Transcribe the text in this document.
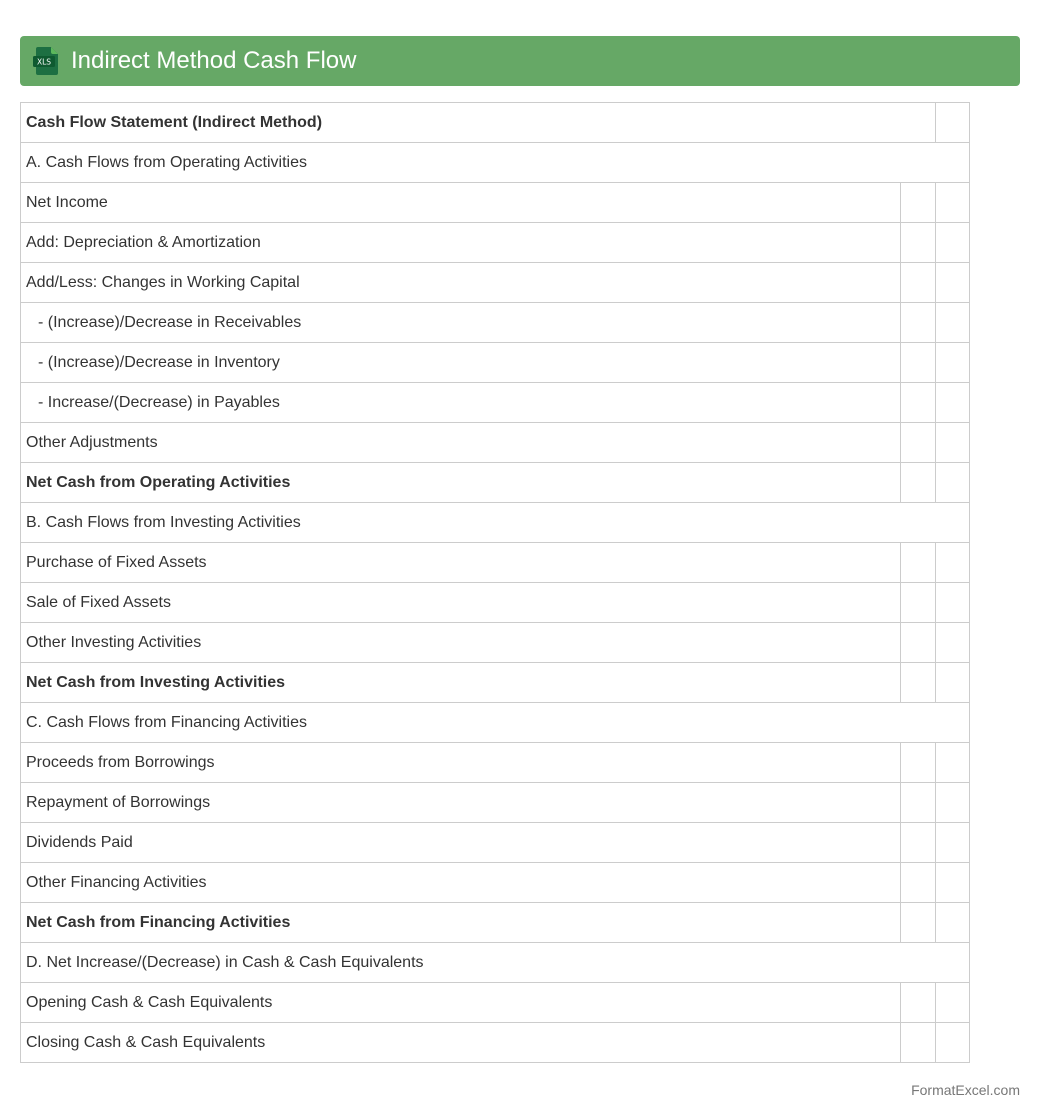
XLS Indirect Method Cash Flow
Cash Flow Statement (Indirect Method)
A. Cash Flows from Operating Activities
Net Income
Add: Depreciation & Amortization
Add/Less: Changes in Working Capital
- (Increase)/Decrease in Receivables
- (Increase)/Decrease in Inventory
- Increase/(Decrease) in Payables
Other Adjustments
Net Cash from Operating Activities
B. Cash Flows from Investing Activities
Purchase of Fixed Assets
Sale of Fixed Assets
Other Investing Activities
Net Cash from Investing Activities
C. Cash Flows from Financing Activities
Proceeds from Borrowings
Repayment of Borrowings
Dividends Paid
Other Financing Activities
Net Cash from Financing Activities
D. Net Increase/(Decrease) in Cash & Cash Equivalents
Opening Cash & Cash Equivalents
Closing Cash & Cash Equivalents
FormatExcel.com
